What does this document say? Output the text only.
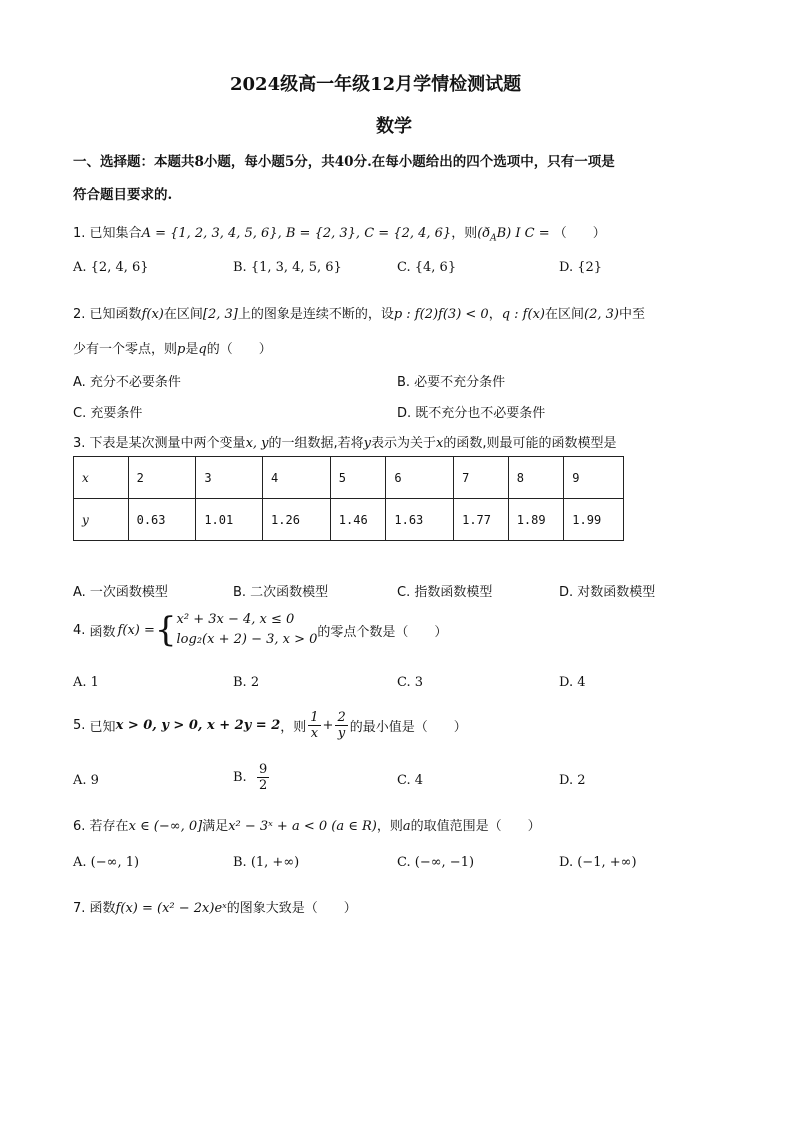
2024级高一年级12月学情检测试题
数学
一、选择题：本题共8小题，每小题5分，共40分.在每小题给出的四个选项中，只有一项是
符合题目要求的.
1. 已知集合A = {1, 2, 3, 4, 5, 6}, B = {2, 3}, C = {2, 4, 6}，则$(ð_AB)$ I C = （　　）
A. {2, 4, 6}	B. {1, 3, 4, 5, 6}	C. {4, 6}	D. {2}
2. 已知函数f(x)在区间[2, 3]上的图象是连续不断的，设p : f(2)f(3) < 0，q : f(x)在区间(2, 3)中至
少有一个零点，则p是q的（　　）
A. 充分不必要条件	B. 必要不充分条件
C. 充要条件	D. 既不充分也不必要条件
3. 下表是某次测量中两个变量x, y的一组数据,若将y表示为关于x的函数,则最可能的函数模型是
x	2	3	4	5	6	7	8	9
y	0.63	1.01	1.26	1.46	1.63	1.77	1.89	1.99
A. 一次函数模型	B. 二次函数模型	C. 指数函数模型	D. 对数函数模型
4.
函数 f(x) = { x² + 3x − 4, x ≤ 0
log₂(x + 2) − 3, x > 0 的零点个数是（　　）
A. 1	B. 2	C. 3	D. 4
5.
已知 x > 0, y > 0, x + 2y = 2 ，则 $\frac{1}{x} + \frac{2}{y}$ 的最小值是（　　）
A. 9	B.
$\frac{9}{2}$	C. 4	D. 2
6. 若存在x ∈ (−∞, 0]满足x² − 3ˣ + a < 0 (a ∈ R)，则a的取值范围是（　　）
A. (−∞, 1)	B. (1, +∞)	C. (−∞, −1)	D. (−1, +∞)
7. 函数f(x) = (x² − 2x)eˣ的图象大致是（　　）
